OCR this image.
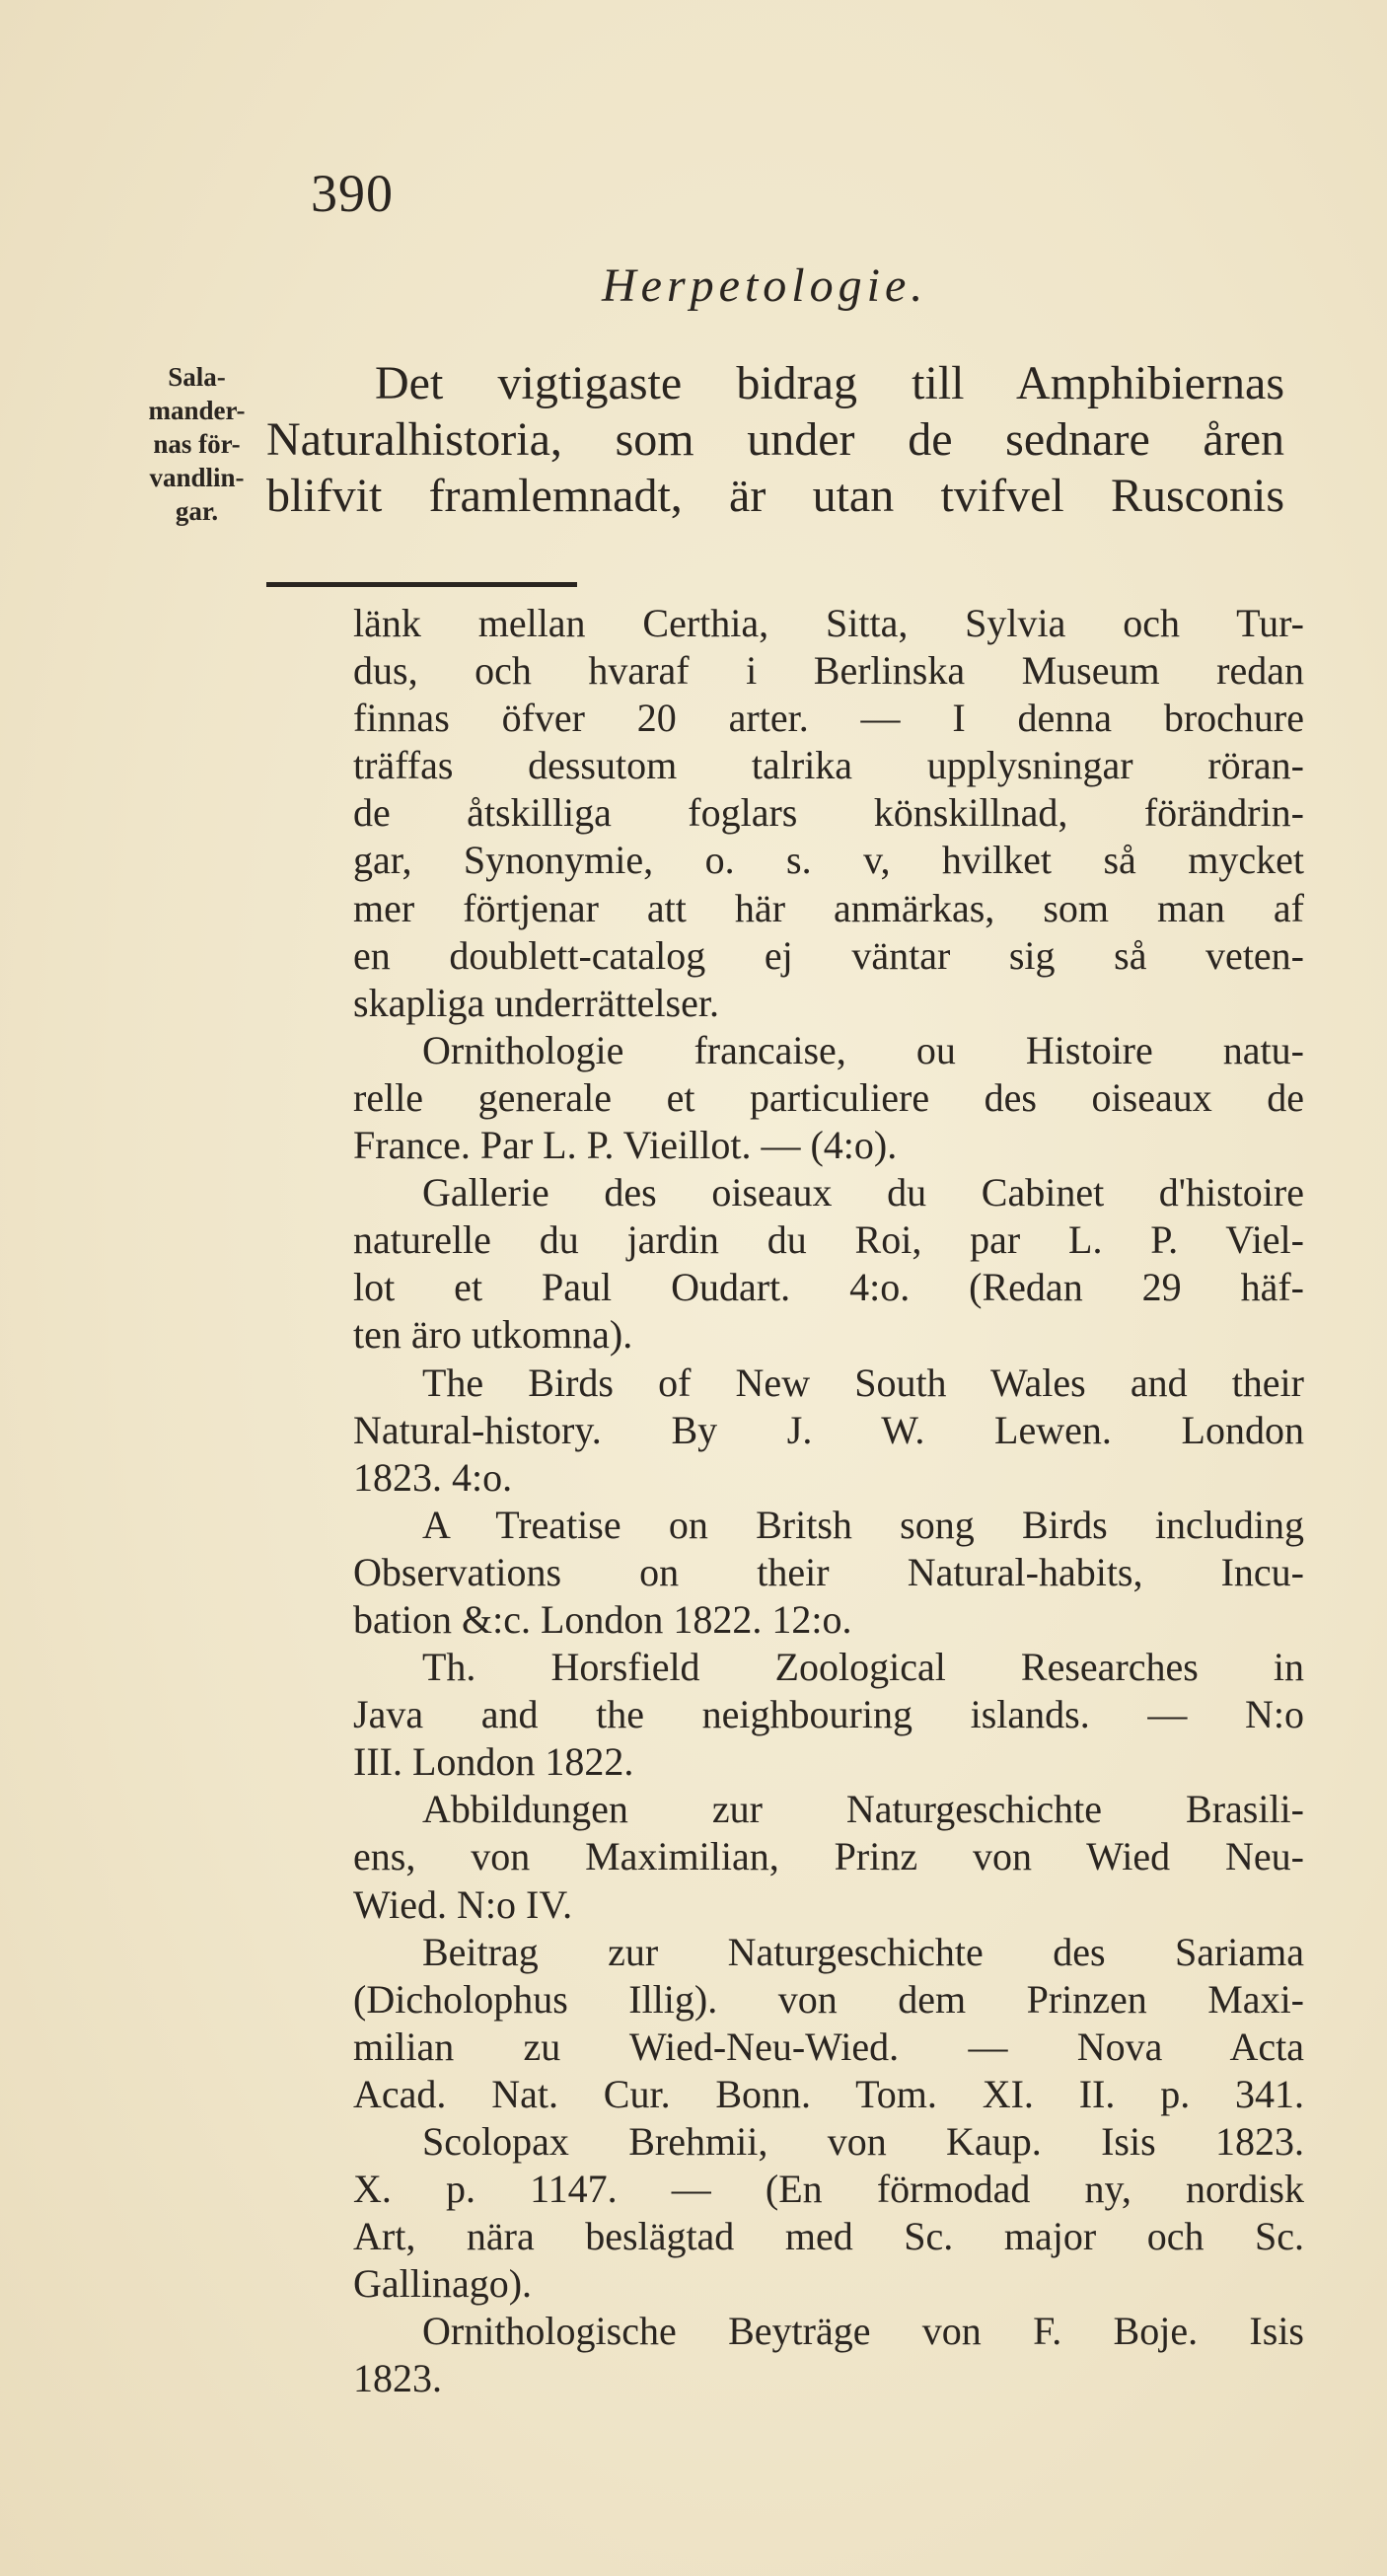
390
Herpetologie.
Sala-
mander-
nas för-
vandlin-
gar.
Det vigtigaste bidrag till Amphibiernas
Naturalhistoria, som under de sednare åren
blifvit framlemnadt, är utan tvifvel Rusconis
länk mellan Certhia, Sitta, Sylvia och Tur-
dus, och hvaraf i Berlinska Museum redan
finnas öfver 20 arter. — I denna brochure
träffas dessutom talrika upplysningar röran-
de åtskilliga foglars könskillnad, förändrin-
gar, Synonymie, o. s. v, hvilket så mycket
mer förtjenar att här anmärkas, som man af
en doublett-catalog ej väntar sig så veten-
skapliga underrättelser.
Ornithologie francaise, ou Histoire natu-
relle generale et particuliere des oiseaux de
France. Par L. P. Vieillot. — (4:o).
Gallerie des oiseaux du Cabinet d'histoire
naturelle du jardin du Roi, par L. P. Viel-
lot et Paul Oudart. 4:o. (Redan 29 häf-
ten äro utkomna).
The Birds of New South Wales and their
Natural-history. By J. W. Lewen. London
1823. 4:o.
A Treatise on Britsh song Birds including
Observations on their Natural-habits, Incu-
bation &:c. London 1822. 12:o.
Th. Horsfield Zoological Researches in
Java and the neighbouring islands. — N:o
III. London 1822.
Abbildungen zur Naturgeschichte Brasili-
ens, von Maximilian, Prinz von Wied Neu-
Wied. N:o IV.
Beitrag zur Naturgeschichte des Sariama
(Dicholophus Illig). von dem Prinzen Maxi-
milian zu Wied-Neu-Wied. — Nova Acta
Acad. Nat. Cur. Bonn. Tom. XI. II. p. 341.
Scolopax Brehmii, von Kaup. Isis 1823.
X. p. 1147. — (En förmodad ny, nordisk
Art, nära beslägtad med Sc. major och Sc.
Gallinago).
Ornithologische Beyträge von F. Boje. Isis
1823.
